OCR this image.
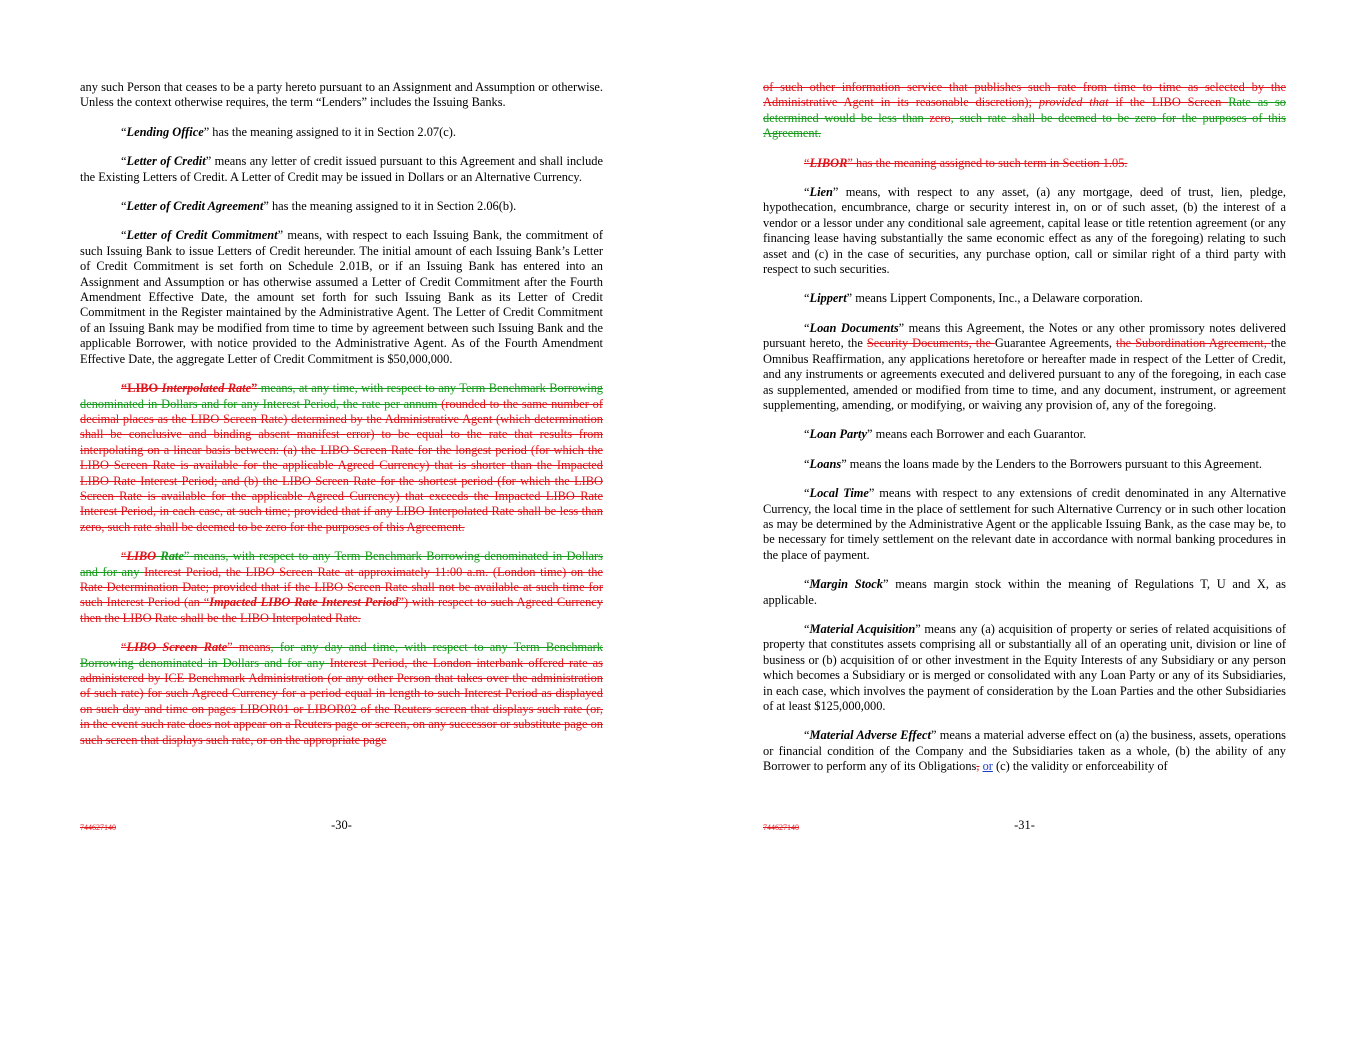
any such Person that ceases to be a party hereto pursuant to an Assignment and Assumption or otherwise. Unless the context otherwise requires, the term “Lenders” includes the Issuing Banks.

“Lending Office” has the meaning assigned to it in Section 2.07(c).

“Letter of Credit” means any letter of credit issued pursuant to this Agreement and shall include the Existing Letters of Credit. A Letter of Credit may be issued in Dollars or an Alternative Currency.

“Letter of Credit Agreement” has the meaning assigned to it in Section 2.06(b).

“Letter of Credit Commitment” means, with respect to each Issuing Bank, the commitment of such Issuing Bank to issue Letters of Credit hereunder. The initial amount of each Issuing Bank’s Letter of Credit Commitment is set forth on Schedule 2.01B, or if an Issuing Bank has entered into an Assignment and Assumption or has otherwise assumed a Letter of Credit Commitment after the Fourth Amendment Effective Date, the amount set forth for such Issuing Bank as its Letter of Credit Commitment in the Register maintained by the Administrative Agent. The Letter of Credit Commitment of an Issuing Bank may be modified from time to time by agreement between such Issuing Bank and the applicable Borrower, with notice provided to the Administrative Agent. As of the Fourth Amendment Effective Date, the aggregate Letter of Credit Commitment is $50,000,000.

“LIBO Interpolated Rate” means, at any time, with respect to any Term Benchmark Borrowing denominated in Dollars and for any Interest Period, the rate per annum (rounded to the same number of decimal places as the LIBO Screen Rate) determined by the Administrative Agent (which determination shall be conclusive and binding absent manifest error) to be equal to the rate that results from interpolating on a linear basis between: (a) the LIBO Screen Rate for the longest period (for which the LIBO Screen Rate is available for the applicable Agreed Currency) that is shorter than the Impacted LIBO Rate Interest Period; and (b) the LIBO Screen Rate for the shortest period (for which the LIBO Screen Rate is available for the applicable Agreed Currency) that exceeds the Impacted LIBO Rate Interest Period, in each case, at such time; provided that if any LIBO Interpolated Rate shall be less than zero, such rate shall be deemed to be zero for the purposes of this Agreement.

“LIBO Rate” means, with respect to any Term Benchmark Borrowing denominated in Dollars and for any Interest Period, the LIBO Screen Rate at approximately 11:00 a.m. (London time) on the Rate Determination Date; provided that if the LIBO Screen Rate shall not be available at such time for such Interest Period (an “Impacted LIBO Rate Interest Period”) with respect to such Agreed Currency then the LIBO Rate shall be the LIBO Interpolated Rate.

“LIBO Screen Rate” means, for any day and time, with respect to any Term Benchmark Borrowing denominated in Dollars and for any Interest Period, the London interbank offered rate as administered by ICE Benchmark Administration (or any other Person that takes over the administration of such rate) for such Agreed Currency for a period equal in length to such Interest Period as displayed on such day and time on pages LIBOR01 or LIBOR02 of the Reuters screen that displays such rate (or, in the event such rate does not appear on a Reuters page or screen, on any successor or substitute page on such screen that displays such rate, or on the appropriate page

744627140	-30-

of such other information service that publishes such rate from time to time as selected by the Administrative Agent in its reasonable discretion); provided that if the LIBO Screen Rate as so determined would be less than zero, such rate shall be deemed to be zero for the purposes of this Agreement.

“LIBOR” has the meaning assigned to such term in Section 1.05.

“Lien” means, with respect to any asset, (a) any mortgage, deed of trust, lien, pledge, hypothecation, encumbrance, charge or security interest in, on or of such asset, (b) the interest of a vendor or a lessor under any conditional sale agreement, capital lease or title retention agreement (or any financing lease having substantially the same economic effect as any of the foregoing) relating to such asset and (c) in the case of securities, any purchase option, call or similar right of a third party with respect to such securities.

“Lippert” means Lippert Components, Inc., a Delaware corporation.

“Loan Documents” means this Agreement, the Notes or any other promissory notes delivered pursuant hereto, the Security Documents, the Guarantee Agreements, the Subordination Agreement, the Omnibus Reaffirmation, any applications heretofore or hereafter made in respect of the Letter of Credit, and any instruments or agreements executed and delivered pursuant to any of the foregoing, in each case as supplemented, amended or modified from time to time, and any document, instrument, or agreement supplementing, amending, or modifying, or waiving any provision of, any of the foregoing.

“Loan Party” means each Borrower and each Guarantor.

“Loans” means the loans made by the Lenders to the Borrowers pursuant to this Agreement.

“Local Time” means with respect to any extensions of credit denominated in any Alternative Currency, the local time in the place of settlement for such Alternative Currency or in such other location as may be determined by the Administrative Agent or the applicable Issuing Bank, as the case may be, to be necessary for timely settlement on the relevant date in accordance with normal banking procedures in the place of payment.

“Margin Stock” means margin stock within the meaning of Regulations T, U and X, as applicable.

“Material Acquisition” means any (a) acquisition of property or series of related acquisitions of property that constitutes assets comprising all or substantially all of an operating unit, division or line of business or (b) acquisition of or other investment in the Equity Interests of any Subsidiary or any person which becomes a Subsidiary or is merged or consolidated with any Loan Party or any of its Subsidiaries, in each case, which involves the payment of consideration by the Loan Parties and the other Subsidiaries of at least $125,000,000.

“Material Adverse Effect” means a material adverse effect on (a) the business, assets, operations or financial condition of the Company and the Subsidiaries taken as a whole, (b) the ability of any Borrower to perform any of its Obligations, or (c) the validity or enforceability of

744627140	-31-
